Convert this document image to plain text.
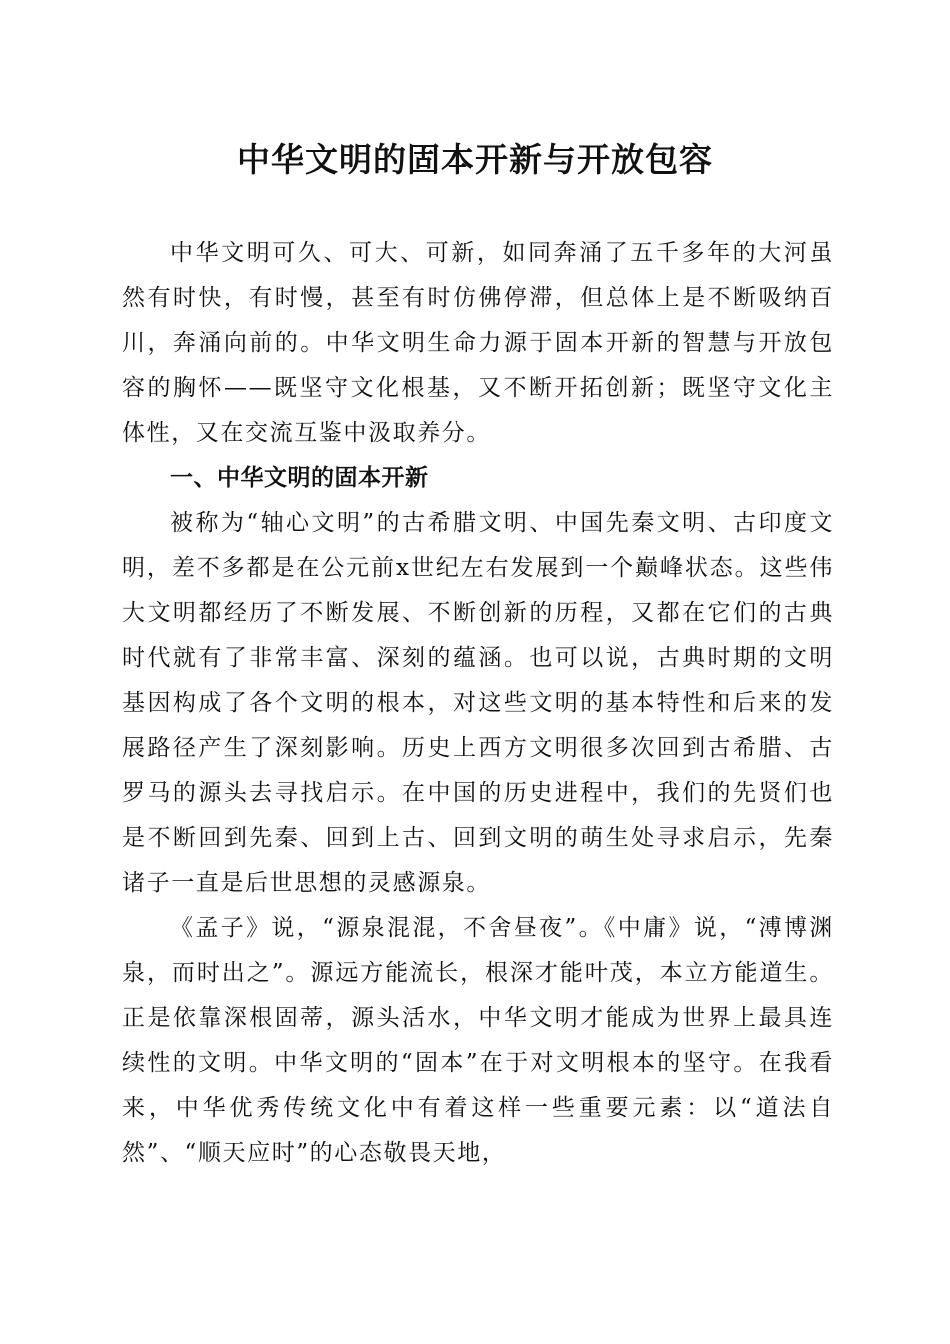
中华文明的固本开新与开放包容

中华文明可久、可大、可新，如同奔涌了五千多年的大河虽然有时快，有时慢，甚至有时仿佛停滞，但总体上是不断吸纳百川，奔涌向前的。中华文明生命力源于固本开新的智慧与开放包容的胸怀——既坚守文化根基，又不断开拓创新；既坚守文化主体性，又在交流互鉴中汲取养分。

一、中华文明的固本开新

被称为“轴心文明”的古希腊文明、中国先秦文明、古印度文明，差不多都是在公元前x世纪左右发展到一个巅峰状态。这些伟大文明都经历了不断发展、不断创新的历程，又都在它们的古典时代就有了非常丰富、深刻的蕴涵。也可以说，古典时期的文明基因构成了各个文明的根本，对这些文明的基本特性和后来的发展路径产生了深刻影响。历史上西方文明很多次回到古希腊、古罗马的源头去寻找启示。在中国的历史进程中，我们的先贤们也是不断回到先秦、回到上古、回到文明的萌生处寻求启示，先秦诸子一直是后世思想的灵感源泉。

《孟子》说，“源泉混混，不舍昼夜”。《中庸》说，“溥博渊泉，而时出之”。源远方能流长，根深才能叶茂，本立方能道生。正是依靠深根固蒂，源头活水，中华文明才能成为世界上最具连续性的文明。中华文明的“固本”在于对文明根本的坚守。在我看来，中华优秀传统文化中有着这样一些重要元素：以“道法自然”、“顺天应时”的心态敬畏天地，
